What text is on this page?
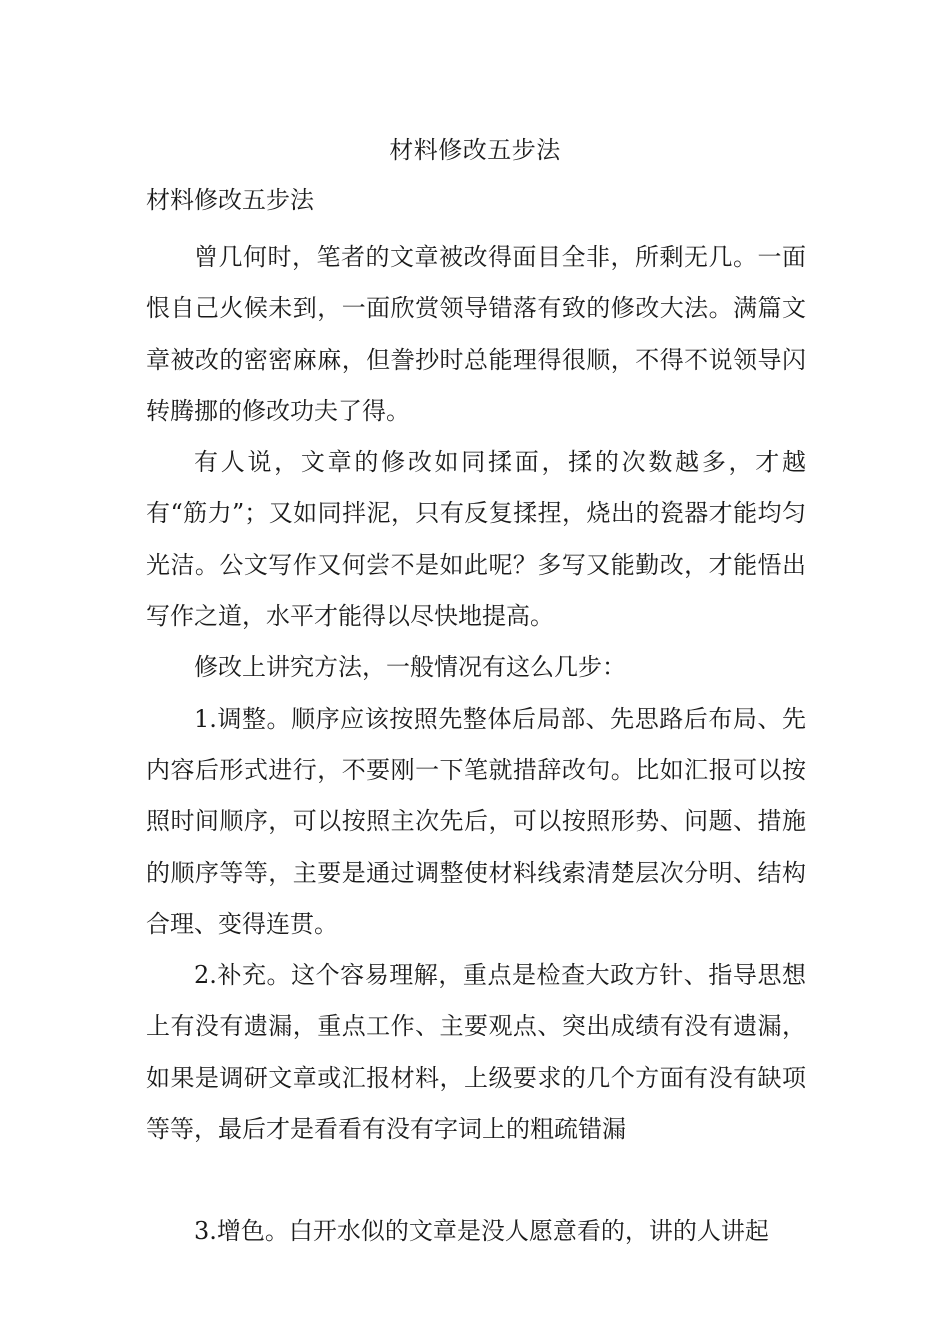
材料修改五步法
材料修改五步法

曾几何时，笔者的文章被改得面目全非，所剩无几。一面恨自己火候未到，一面欣赏领导错落有致的修改大法。满篇文章被改的密密麻麻，但誊抄时总能理得很顺，不得不说领导闪转腾挪的修改功夫了得。

有人说，文章的修改如同揉面，揉的次数越多，才越有“筋力”；又如同拌泥，只有反复揉捏，烧出的瓷器才能均匀光洁。公文写作又何尝不是如此呢？多写又能勤改，才能悟出写作之道，水平才能得以尽快地提高。

修改上讲究方法，一般情况有这么几步：

1.调整。顺序应该按照先整体后局部、先思路后布局、先内容后形式进行，不要刚一下笔就措辞改句。比如汇报可以按照时间顺序，可以按照主次先后，可以按照形势、问题、措施的顺序等等，主要是通过调整使材料线索清楚层次分明、结构合理、变得连贯。

2.补充。这个容易理解，重点是检查大政方针、指导思想上有没有遗漏，重点工作、主要观点、突出成绩有没有遗漏，如果是调研文章或汇报材料，上级要求的几个方面有没有缺项等等，最后才是看看有没有字词上的粗疏错漏

3.增色。白开水似的文章是没人愿意看的，讲的人讲起
